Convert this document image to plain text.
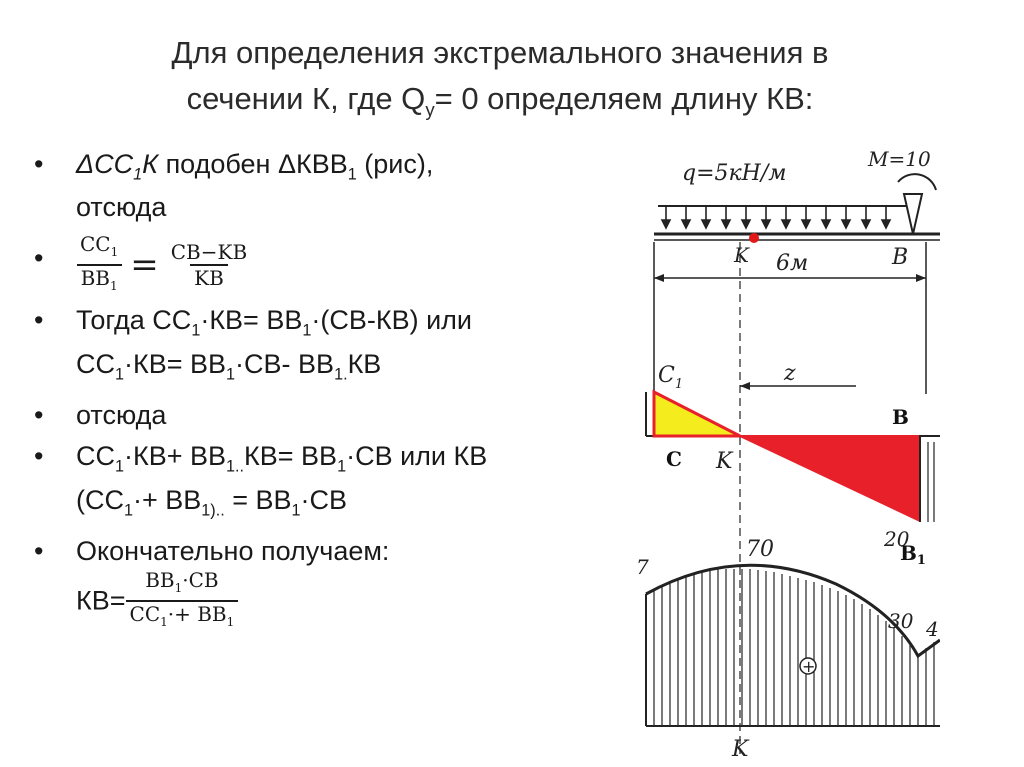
Для определения экстремального значения в
сечении К, где $Q_y= 0$ определяем длину КВ:
• $\Delta СС_1К$ подобен $\Delta КВВ_1$ (рис),
отсюда
• $\frac{CC_1}{BB_1} = \frac{CB-KB}{KB}$
• Тогда $СС_1\cdot КВ= ВВ_1\cdot(СВ-КВ)$ или
$СС_1\cdot КВ= ВВ_1\cdot СВ-$ $ВВ_{1.}КВ$
• отсюда
• $СС_1\cdot КВ+ ВВ_{1..}КВ= ВВ_1\cdot СВ$ или КВ
($СС_1\cdot+ ВВ_{1)..} = ВВ_1\cdot СВ$
• Окончательно получаем:
$КВ= \frac{BB_1\cdot CB}{CC_1\cdot+ BB_1}$
q=5кН/м
M=10
K	B
6м
z
$C_1$
B
C K
20
$B_1$
70
7
30 4
+
K
